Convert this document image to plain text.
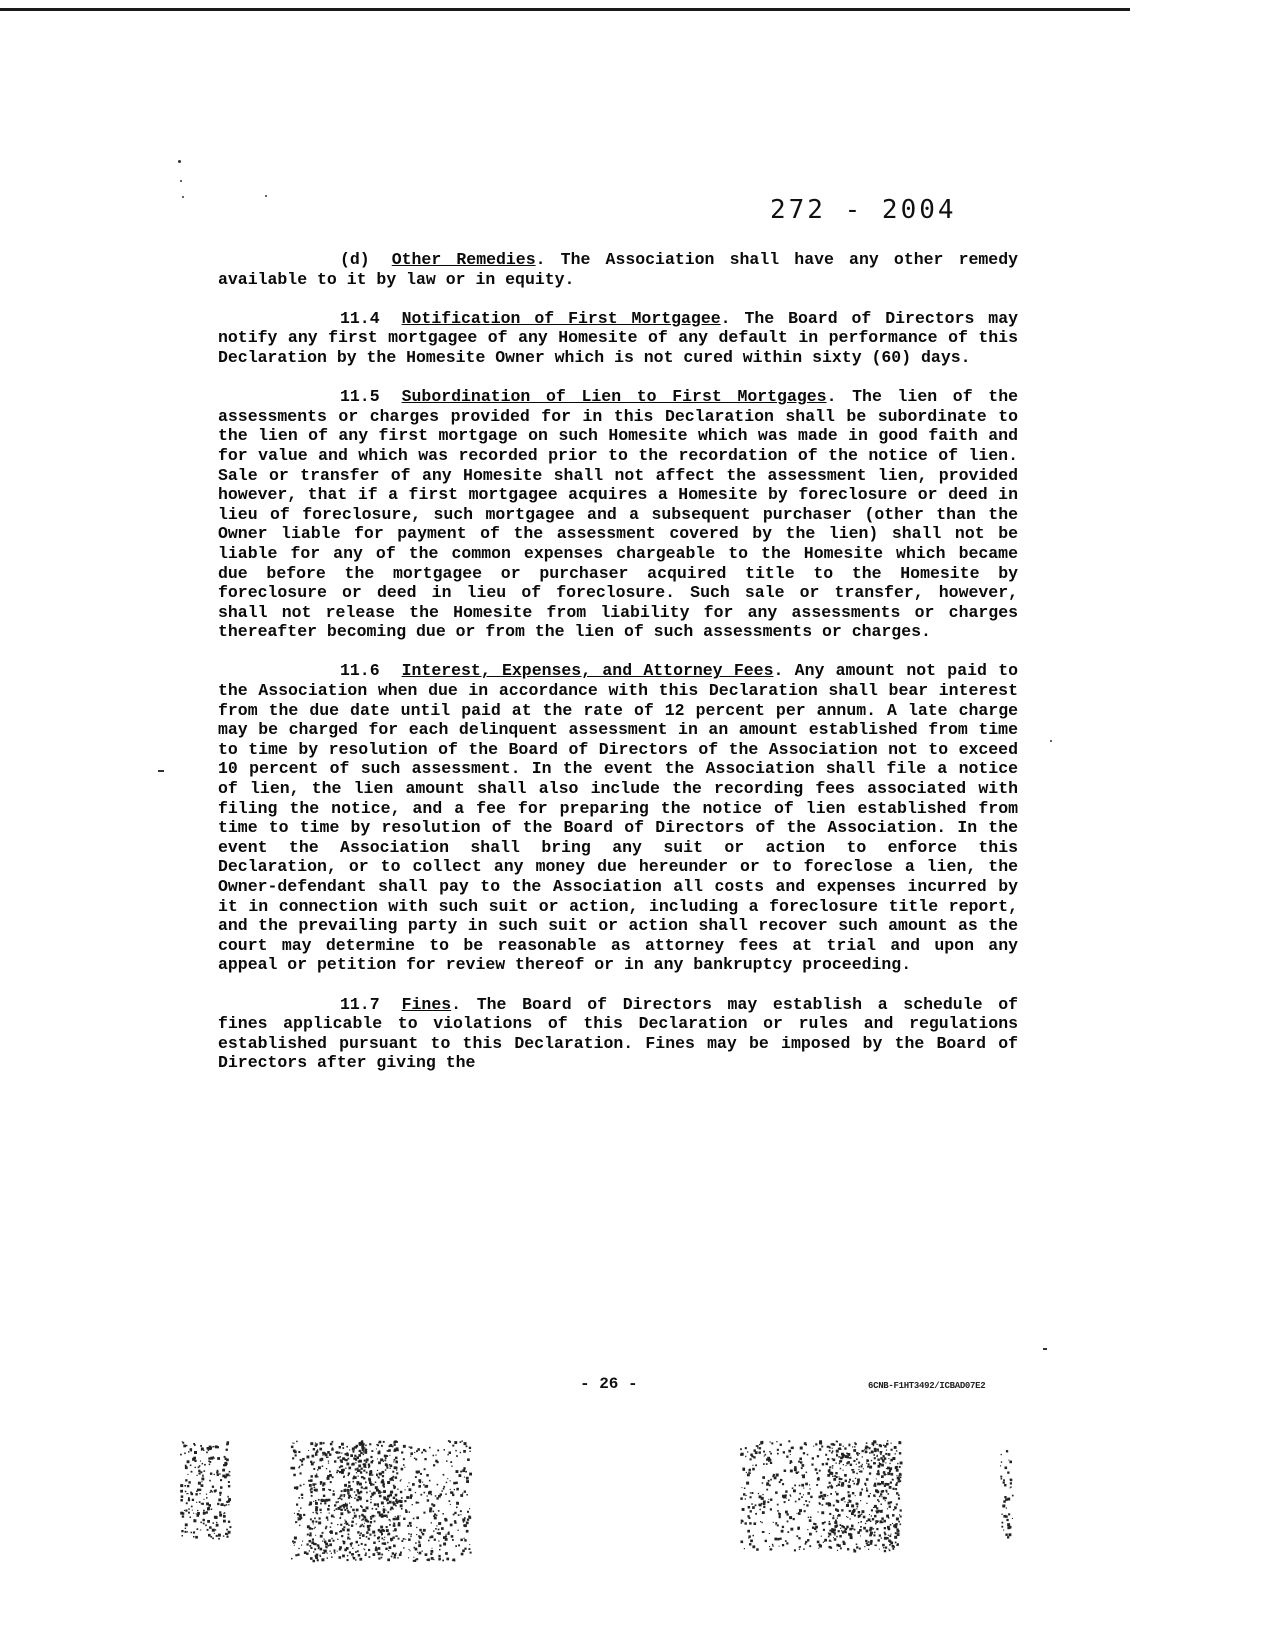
272 - 2004

(d) Other Remedies. The Association shall have any other remedy available to it by law or in equity.

11.4 Notification of First Mortgagee. The Board of Directors may notify any first mortgagee of any Homesite of any default in performance of this Declaration by the Homesite Owner which is not cured within sixty (60) days.

11.5 Subordination of Lien to First Mortgages. The lien of the assessments or charges provided for in this Declaration shall be subordinate to the lien of any first mortgage on such Homesite which was made in good faith and for value and which was recorded prior to the recordation of the notice of lien. Sale or transfer of any Homesite shall not affect the assessment lien, provided however, that if a first mortgagee acquires a Homesite by foreclosure or deed in lieu of foreclosure, such mortgagee and a subsequent purchaser (other than the Owner liable for payment of the assessment covered by the lien) shall not be liable for any of the common expenses chargeable to the Homesite which became due before the mortgagee or purchaser acquired title to the Homesite by foreclosure or deed in lieu of foreclosure. Such sale or transfer, however, shall not release the Homesite from liability for any assessments or charges thereafter becoming due or from the lien of such assessments or charges.

11.6 Interest, Expenses, and Attorney Fees. Any amount not paid to the Association when due in accordance with this Declaration shall bear interest from the due date until paid at the rate of 12 percent per annum. A late charge may be charged for each delinquent assessment in an amount established from time to time by resolution of the Board of Directors of the Association not to exceed 10 percent of such assessment. In the event the Association shall file a notice of lien, the lien amount shall also include the recording fees associated with filing the notice, and a fee for preparing the notice of lien established from time to time by resolution of the Board of Directors of the Association. In the event the Association shall bring any suit or action to enforce this Declaration, or to collect any money due hereunder or to foreclose a lien, the Owner-defendant shall pay to the Association all costs and expenses incurred by it in connection with such suit or action, including a foreclosure title report, and the prevailing party in such suit or action shall recover such amount as the court may determine to be reasonable as attorney fees at trial and upon any appeal or petition for review thereof or in any bankruptcy proceeding.

11.7 Fines. The Board of Directors may establish a schedule of fines applicable to violations of this Declaration or rules and regulations established pursuant to this Declaration. Fines may be imposed by the Board of Directors after giving the

- 26 -	6CNB-F1HT3492/ICBAD07E2
